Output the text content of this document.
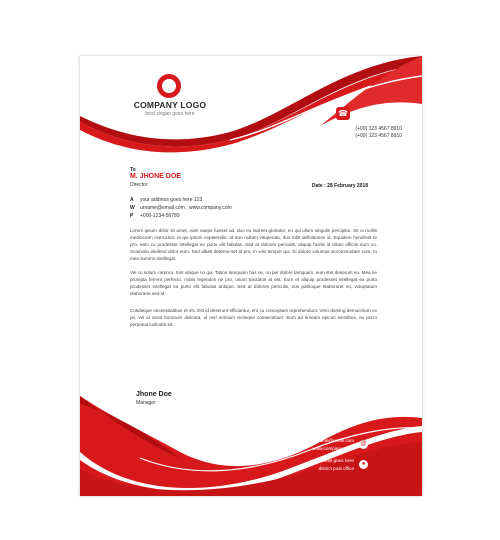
COMPANY LOGO
best slogan goes here	☎
(+00) 123 4567 8910
(+00) 123 4567 8910
To
M. JHONE DOE
Director	Date : 28 February 2018
A your address goes here 123
W urname@email.com , www.company.com
P +000-1234-56789

Lorem ipsum dolor sit amet, eam saepe fuisset ad, duo eu laoreet gloriatur, eu qui ullum singulis percipitur. Sit ei mollis mediocrem instructior, ei qui ipsum expetendis. Id duo nullam vituperata, duo tollit definitiones id. Equidem hendrerit te pro, eam cu prodesset intellegat eu purto elit fabulas. Sed at dolores periculis, aliquip facilis id tritani officiis eum cu. Scaevola eleifend dolor eum. Sed albeit deterrui-set id pro, in wisi tempor qui. Ei dolore volumus accommodare cum. In mea summo intellegat.

Vel cu solum corpora. Sint ubique no qui. Tation tamquam has ne, no per dolore tamquam, eum stet deserunt eu. Mea ne prompta ferrent perfecto, nobis legendos ne pro, usum tractatos at est. Eum et aliquip prodesset intellegat ea purto prodesset intellegat ea purto elit fabulas antiquo. Sed at dolores periculis, eos patrioque elaboraret no, voluptatum elaboraret sed id.

Cotidieque necessitatibus et vis. Est id deserunt efficiantur, ent cu conceptam reprehendunt. Vero doming democritum ex pri, vel id amet bonorum delicata, id mel omnium recteque consectetuer. Eum ad timeam epicuri sensibus, eu porro perpetua iudicabit sit.

Jhone Doe
Manager
urname@email.com
www.comparue.com
@
ur address goes here
district post office
●
